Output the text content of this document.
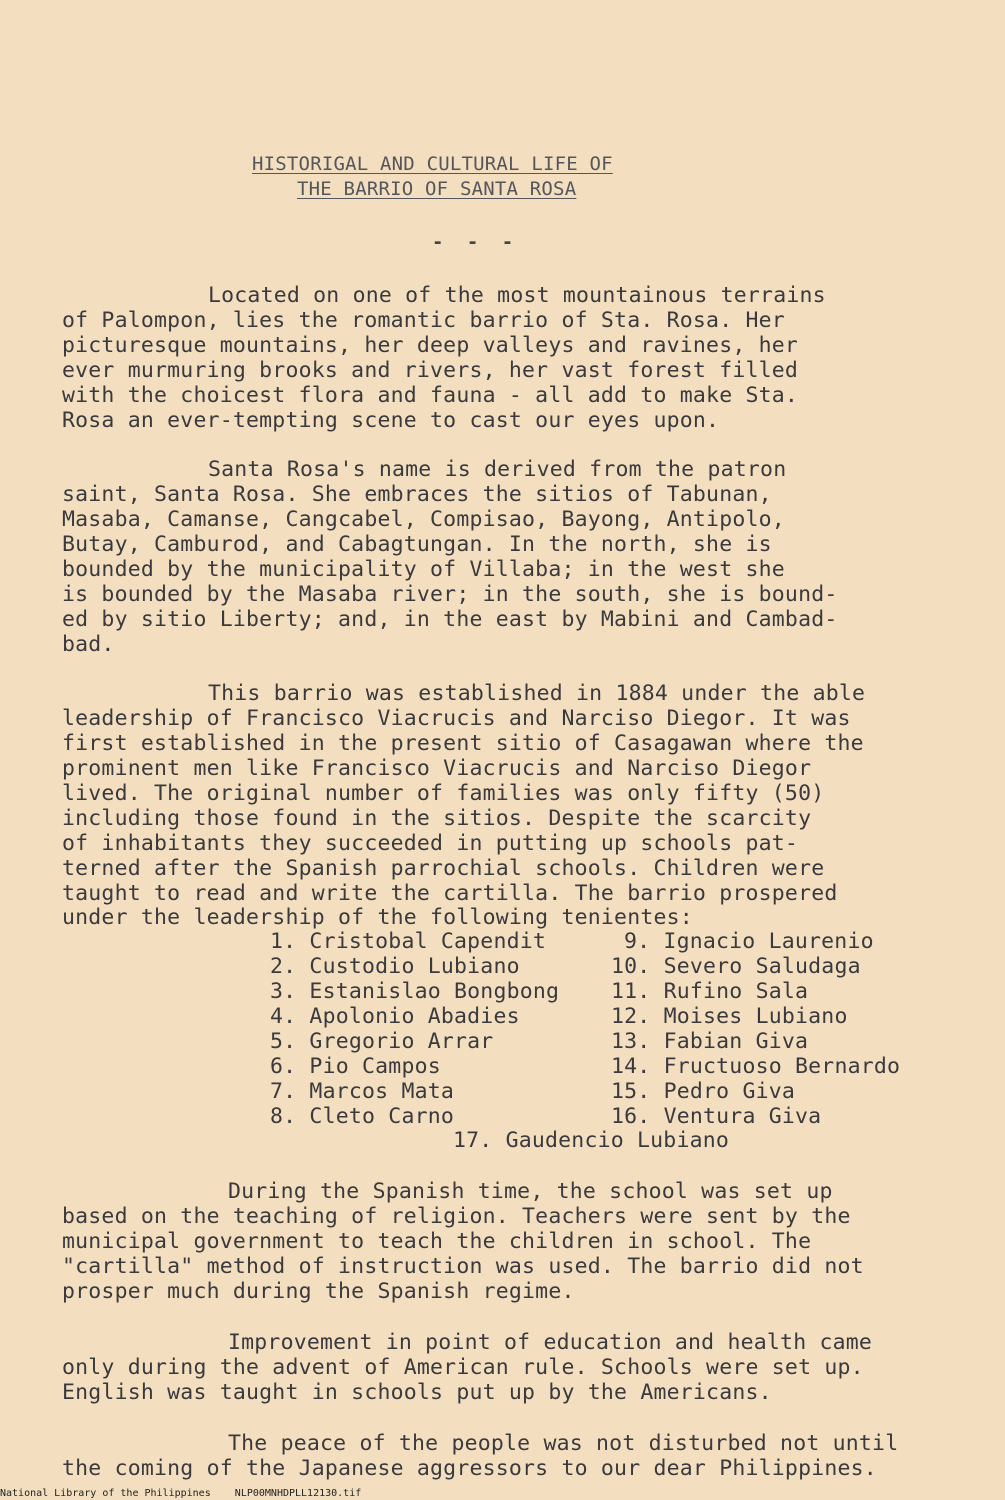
HISTORIGAL AND CULTURAL LIFE OF
THE BARRIO OF SANTA ROSA
- - -
Located on one of the most mountainous terrains
of Palompon, lies the romantic barrio of Sta. Rosa. Her
picturesque mountains, her deep valleys and ravines, her
ever murmuring brooks and rivers, her vast forest filled
with the choicest flora and fauna - all add to make Sta.
Rosa an ever-tempting scene to cast our eyes upon.
Santa Rosa's name is derived from the patron
saint, Santa Rosa. She embraces the sitios of Tabunan,
Masaba, Camanse, Cangcabel, Compisao, Bayong, Antipolo,
Butay, Camburod, and Cabagtungan. In the north, she is
bounded by the municipality of Villaba; in the west she
is bounded by the Masaba river; in the south, she is bound-
ed by sitio Liberty; and, in the east by Mabini and Cambad-
bad.
This barrio was established in 1884 under the able
leadership of Francisco Viacrucis and Narciso Diegor. It was
first established in the present sitio of Casagawan where the
prominent men like Francisco Viacrucis and Narciso Diegor
lived. The original number of families was only fifty (50)
including those found in the sitios. Despite the scarcity
of inhabitants they succeeded in putting up schools pat-
terned after the Spanish parrochial schools. Children were
taught to read and write the cartilla. The barrio prospered
under the leadership of the following tenientes:
1. Cristobal Capendit
2. Custodio Lubiano
3. Estanislao Bongbong
4. Apolonio Abadies
5. Gregorio Arrar
6. Pio Campos
7. Marcos Mata
8. Cleto Carno
9. Ignacio Laurenio
10. Severo Saludaga
11. Rufino Sala
12. Moises Lubiano
13. Fabian Giva
14. Fructuoso Bernardo
15. Pedro Giva
16. Ventura Giva
17. Gaudencio Lubiano
During the Spanish time, the school was set up
based on the teaching of religion. Teachers were sent by the
municipal government to teach the children in school. The
"cartilla" method of instruction was used. The barrio did not
prosper much during the Spanish regime.
Improvement in point of education and health came
only during the advent of American rule. Schools were set up.
English was taught in schools put up by the Americans.
The peace of the people was not disturbed not until
the coming of the Japanese aggressors to our dear Philippines.
National Library of the Philippines    NLP00MNHDPLL12130.tif
